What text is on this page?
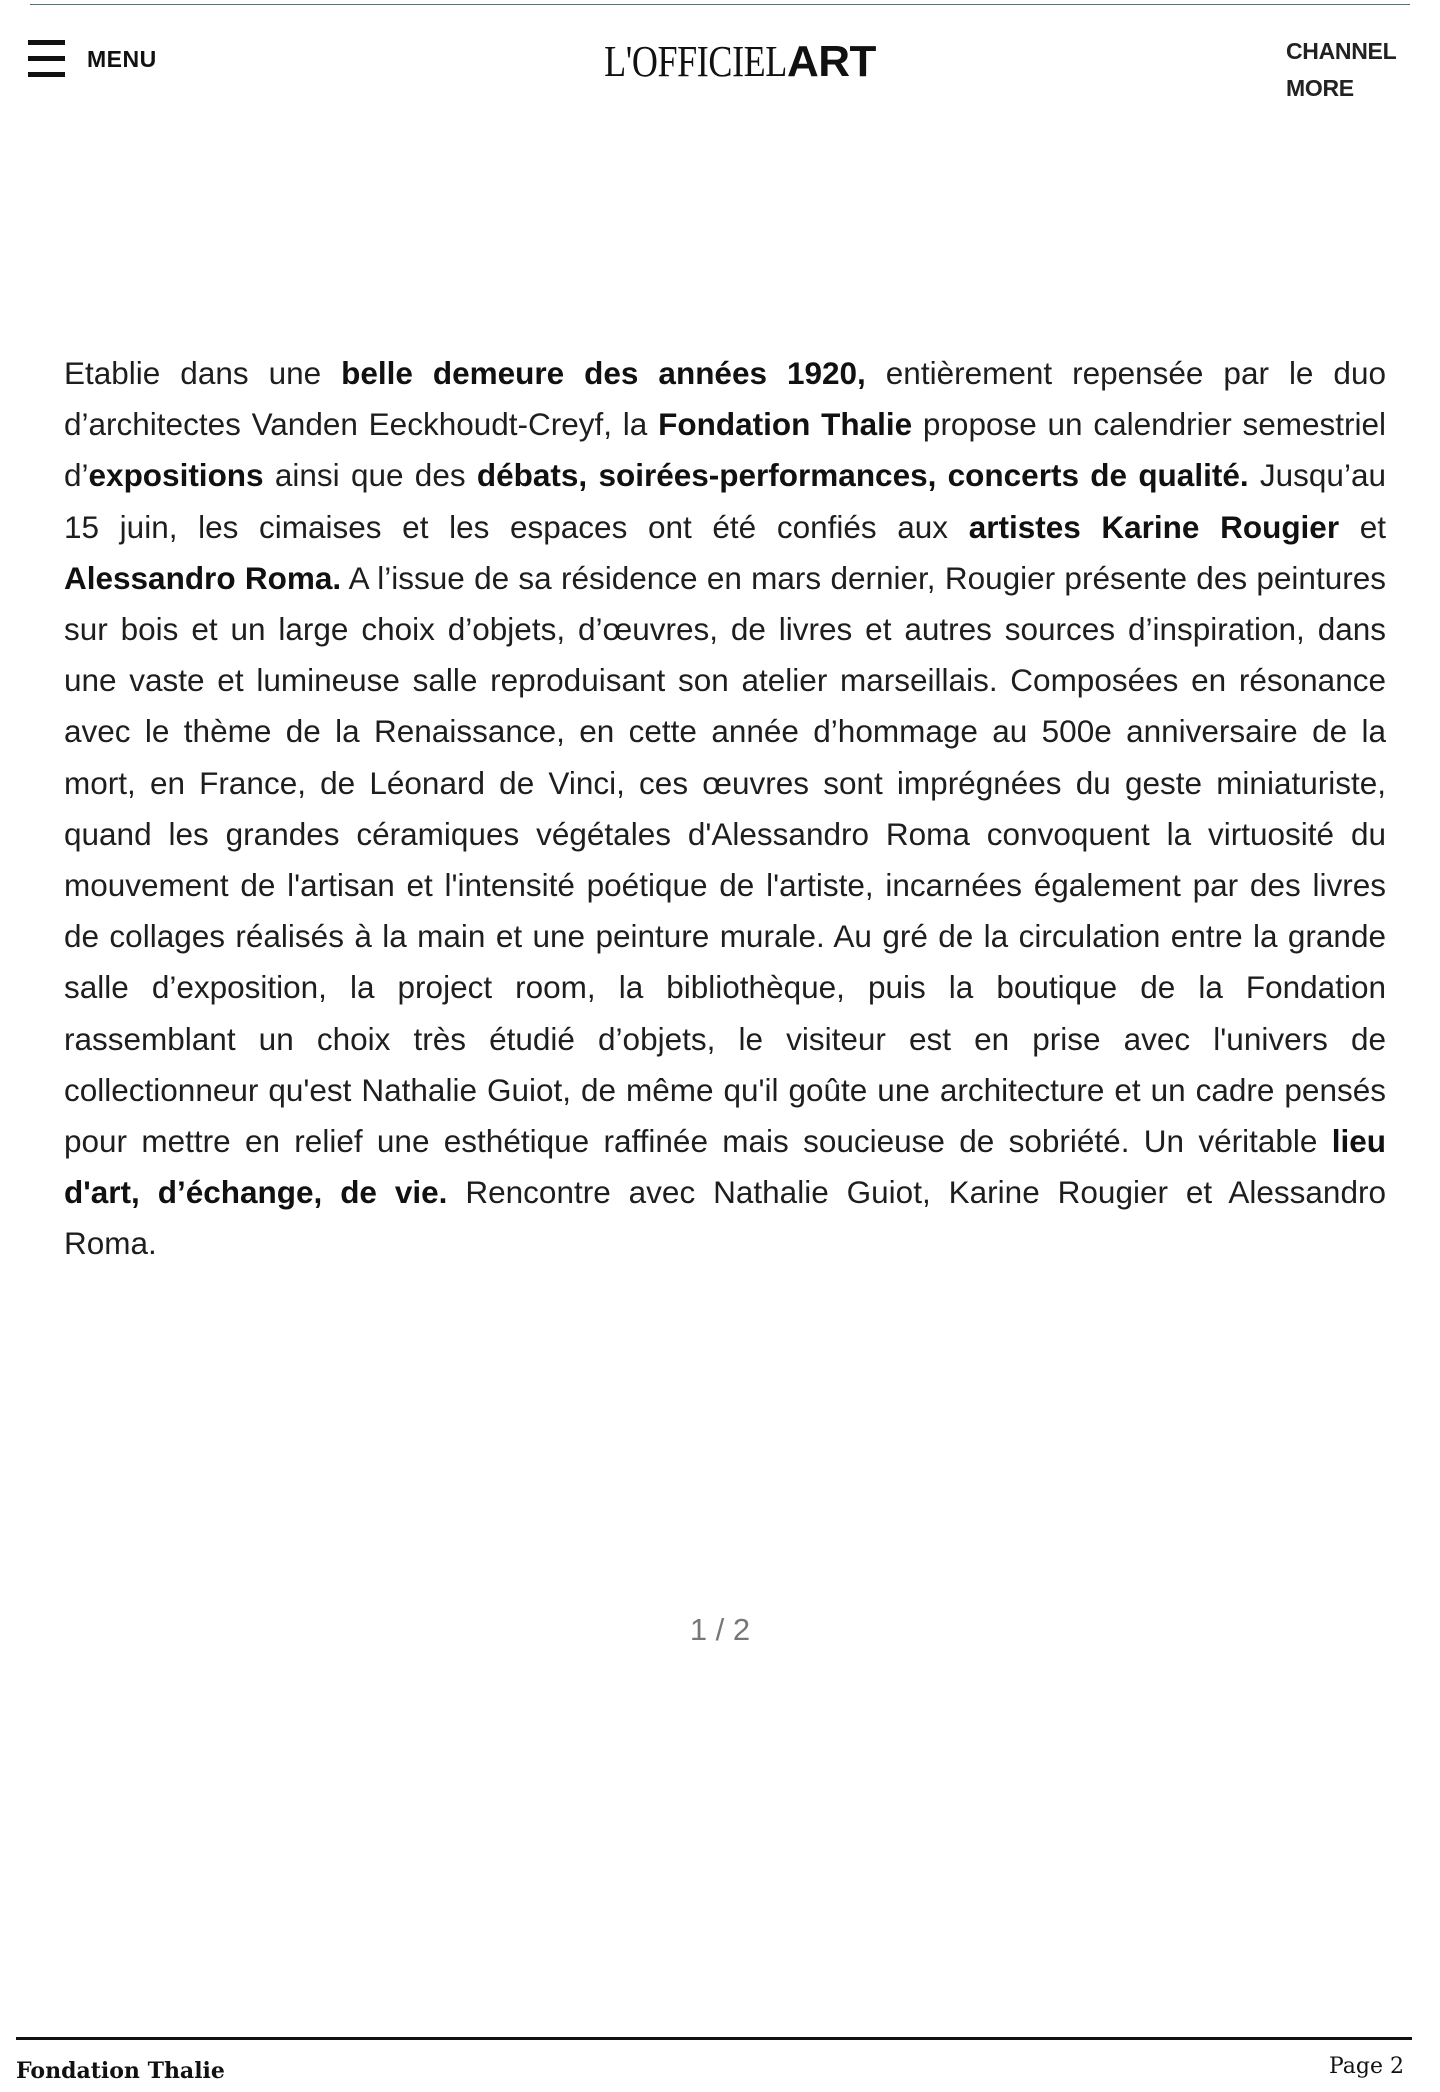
MENU	L'OFFICIELART	CHANNEL
MORE
Etablie dans une belle demeure des années 1920, entièrement repensée par le duo d’architectes Vanden Eeckhoudt-Creyf, la Fondation Thalie propose un calendrier semestriel d’expositions ainsi que des débats, soirées-performances, concerts de qualité. Jusqu’au 15 juin, les cimaises et les espaces ont été confiés aux artistes Karine Rougier et Alessandro Roma. A l’issue de sa résidence en mars dernier, Rougier présente des peintures sur bois et un large choix d’objets, d’œuvres, de livres et autres sources d’inspiration, dans une vaste et lumineuse salle reproduisant son atelier marseillais. Composées en résonance avec le thème de la Renaissance, en cette année d’hommage au 500e anniversaire de la mort, en France, de Léonard de Vinci, ces œuvres sont imprégnées du geste miniaturiste, quand les grandes céramiques végétales d'Alessandro Roma convoquent la virtuosité du mouvement de l'artisan et l'intensité poétique de l'artiste, incarnées également par des livres de collages réalisés à la main et une peinture murale. Au gré de la circulation entre la grande salle d’exposition, la project room, la bibliothèque, puis la boutique de la Fondation rassemblant un choix très étudié d’objets, le visiteur est en prise avec l'univers de collectionneur qu'est Nathalie Guiot, de même qu'il goûte une architecture et un cadre pensés pour mettre en relief une esthétique raffinée mais soucieuse de sobriété. Un véritable lieu d'art, d’échange, de vie. Rencontre avec Nathalie Guiot, Karine Rougier et Alessandro Roma.
1 / 2
Fondation Thalie	Page 2
